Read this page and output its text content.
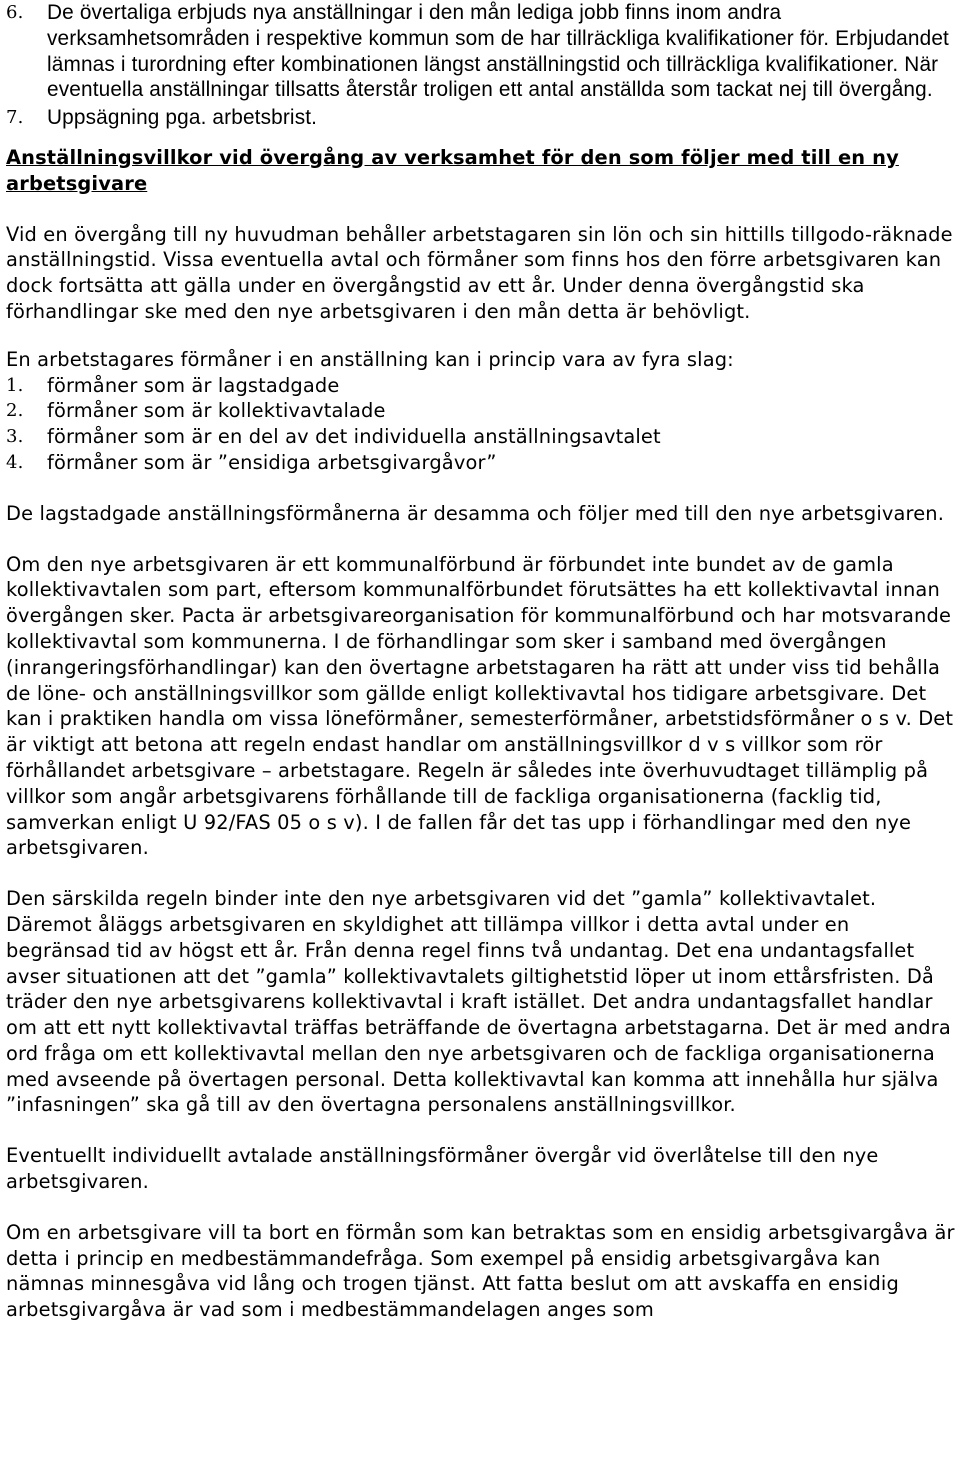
6.	De övertaliga erbjuds nya anställningar i den mån lediga jobb finns inom andra verksamhetsområden i respektive kommun som de har tillräckliga kvalifikationer för. Erbjudandet lämnas i turordning efter kombinationen längst anställningstid och tillräckliga kvalifikationer. När eventuella anställningar tillsatts återstår troligen ett antal anställda som tackat nej till övergång.
7.	Uppsägning pga. arbetsbrist.
Anställningsvillkor vid övergång av verksamhet för den som följer med till en ny arbetsgivare

Vid en övergång till ny huvudman behåller arbetstagaren sin lön och sin hittills tillgodo-räknade anställningstid. Vissa eventuella avtal och förmåner som finns hos den förre arbetsgivaren kan dock fortsätta att gälla under en övergångstid av ett år. Under denna övergångstid ska förhandlingar ske med den nye arbetsgivaren i den mån detta är behövligt.

En arbetstagares förmåner i en anställning kan i princip vara av fyra slag:

1.	förmåner som är lagstadgade
2.	förmåner som är kollektivavtalade
3.	förmåner som är en del av det individuella anställningsavtalet
4.	förmåner som är ”ensidiga arbetsgivargåvor”

De lagstadgade anställningsförmånerna är desamma och följer med till den nye arbetsgivaren.

Om den nye arbetsgivaren är ett kommunalförbund är förbundet inte bundet av de gamla kollektivavtalen som part, eftersom kommunalförbundet förutsättes ha ett kollektivavtal innan övergången sker. Pacta är arbetsgivareorganisation för kommunalförbund och har motsvarande kollektivavtal som kommunerna. I de förhandlingar som sker i samband med övergången (inrangeringsförhandlingar) kan den övertagne arbetstagaren ha rätt att under viss tid behålla de löne- och anställningsvillkor som gällde enligt kollektivavtal hos tidigare arbetsgivare. Det kan i praktiken handla om vissa löneförmåner, semesterförmåner, arbetstidsförmåner o s v. Det är viktigt att betona att regeln endast handlar om anställningsvillkor d v s villkor som rör förhållandet arbetsgivare – arbetstagare. Regeln är således inte överhuvudtaget tillämplig på villkor som angår arbetsgivarens förhållande till de fackliga organisationerna (facklig tid, samverkan enligt U 92/FAS 05 o s v). I de fallen får det tas upp i förhandlingar med den nye arbetsgivaren.

Den särskilda regeln binder inte den nye arbetsgivaren vid det ”gamla” kollektivavtalet. Däremot åläggs arbetsgivaren en skyldighet att tillämpa villkor i detta avtal under en begränsad tid av högst ett år. Från denna regel finns två undantag. Det ena undantagsfallet avser situationen att det ”gamla” kollektivavtalets giltighetstid löper ut inom ettårsfristen. Då träder den nye arbetsgivarens kollektivavtal i kraft istället. Det andra undantagsfallet handlar om att ett nytt kollektivavtal träffas beträffande de övertagna arbetstagarna. Det är med andra ord fråga om ett kollektivavtal mellan den nye arbetsgivaren och de fackliga organisationerna med avseende på övertagen personal. Detta kollektivavtal kan komma att innehålla hur själva ”infasningen” ska gå till av den övertagna personalens anställningsvillkor.

Eventuellt individuellt avtalade anställningsförmåner övergår vid överlåtelse till den nye arbetsgivaren.

Om en arbetsgivare vill ta bort en förmån som kan betraktas som en ensidig arbetsgivargåva är detta i princip en medbestämmandefråga. Som exempel på ensidig arbetsgivargåva kan nämnas minnesgåva vid lång och trogen tjänst. Att fatta beslut om att avskaffa en ensidig arbetsgivargåva är vad som i medbestämmandelagen anges som
